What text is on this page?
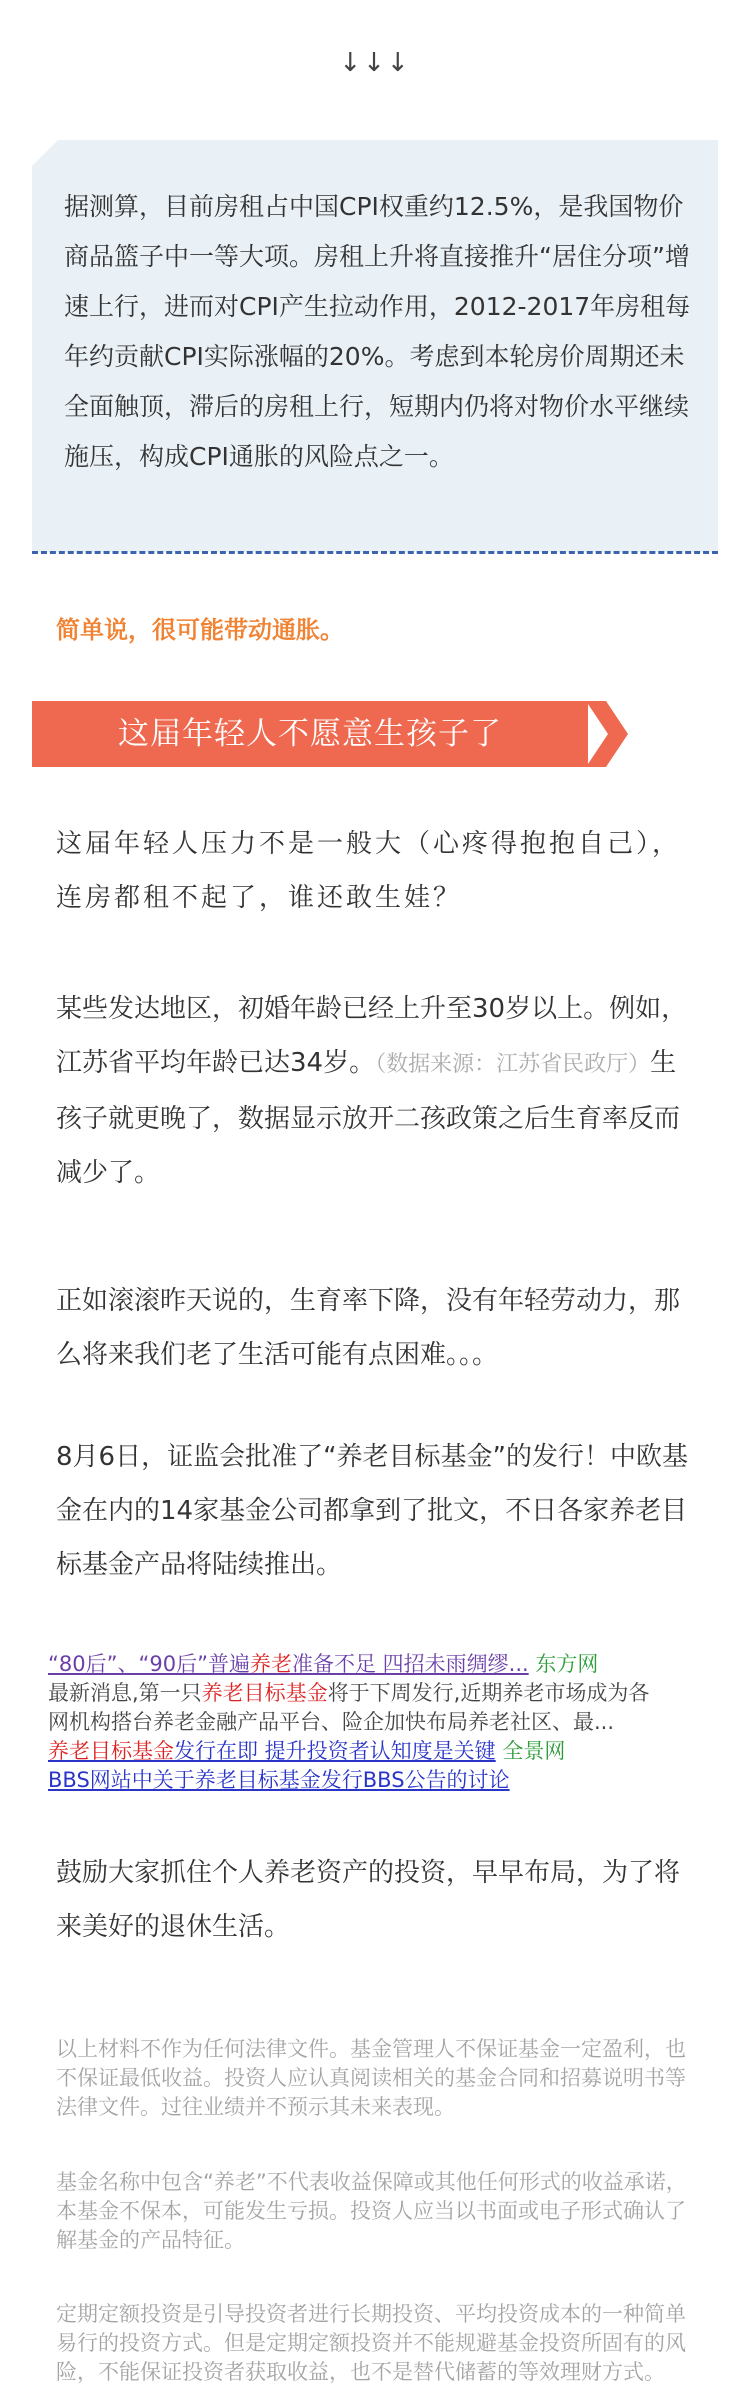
↓↓↓
据测算，目前房租占中国CPI权重约12.5%，是我国物价商品篮子中一等大项。房租上升将直接推升“居住分项”增速上行，进而对CPI产生拉动作用，2012-2017年房租每年约贡献CPI实际涨幅的20%。考虑到本轮房价周期还未全面触顶，滞后的房租上行，短期内仍将对物价水平继续施压，构成CPI通胀的风险点之一。
简单说，很可能带动通胀。
这届年轻人不愿意生孩子了
这届年轻人压力不是一般大（心疼得抱抱自己），连房都租不起了，谁还敢生娃？
某些发达地区，初婚年龄已经上升至30岁以上。例如，江苏省平均年龄已达34岁。（数据来源：江苏省民政厅）生孩子就更晚了，数据显示放开二孩政策之后生育率反而减少了。
正如滚滚昨天说的，生育率下降，没有年轻劳动力，那么将来我们老了生活可能有点困难。。。
8月6日，证监会批准了“养老目标基金”的发行！中欧基金在内的14家基金公司都拿到了批文，不日各家养老目标基金产品将陆续推出。
“80后”、“90后”普遍养老准备不足 四招未雨绸缪... 东方网
最新消息,第一只养老目标基金将于下周发行,近期养老市场成为各
网机构搭台养老金融产品平台、险企加快布局养老社区、最...
养老目标基金发行在即 提升投资者认知度是关键 全景网
BBS网站中关于养老目标基金发行BBS公告的讨论
鼓励大家抓住个人养老资产的投资，早早布局，为了将来美好的退休生活。
以上材料不作为任何法律文件。基金管理人不保证基金一定盈利，也不保证最低收益。投资人应认真阅读相关的基金合同和招募说明书等法律文件。过往业绩并不预示其未来表现。
基金名称中包含“养老”不代表收益保障或其他任何形式的收益承诺，本基金不保本，可能发生亏损。投资人应当以书面或电子形式确认了解基金的产品特征。
定期定额投资是引导投资者进行长期投资、平均投资成本的一种简单易行的投资方式。但是定期定额投资并不能规避基金投资所固有的风险，不能保证投资者获取收益，也不是替代储蓄的等效理财方式。
